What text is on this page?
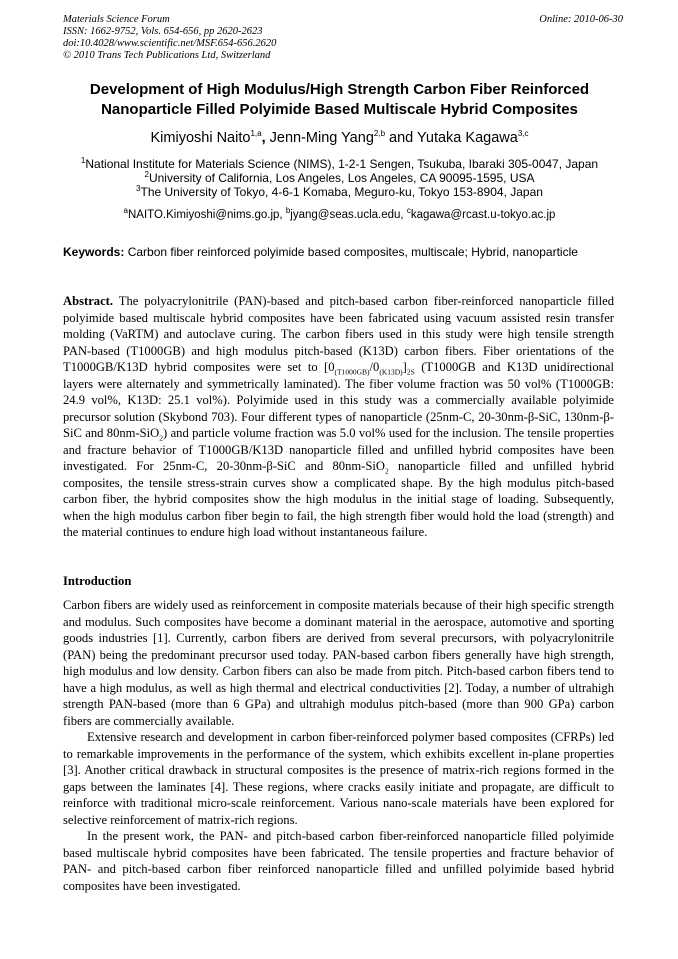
Materials Science Forum
ISSN: 1662-9752, Vols. 654-656, pp 2620-2623
doi:10.4028/www.scientific.net/MSF.654-656.2620
© 2010 Trans Tech Publications Ltd, Switzerland
Online: 2010-06-30
Development of High Modulus/High Strength Carbon Fiber Reinforced
Nanoparticle Filled Polyimide Based Multiscale Hybrid Composites
Kimiyoshi Naito$^{1,a}$, Jenn-Ming Yang$^{2,b}$ and Yutaka Kagawa$^{3,c}$
$^1$National Institute for Materials Science (NIMS), 1-2-1 Sengen, Tsukuba, Ibaraki 305-0047, Japan
$^2$University of California, Los Angeles, Los Angeles, CA 90095-1595, USA
$^3$The University of Tokyo, 4-6-1 Komaba, Meguro-ku, Tokyo 153-8904, Japan
$^a$NAITO.Kimiyoshi@nims.go.jp, $^b$jyang@seas.ucla.edu, $^c$kagawa@rcast.u-tokyo.ac.jp
Keywords: Carbon fiber reinforced polyimide based composites, multiscale; Hybrid, nanoparticle
Abstract. The polyacrylonitrile (PAN)-based and pitch-based carbon fiber-reinforced nanoparticle filled polyimide based multiscale hybrid composites have been fabricated using vacuum assisted resin transfer molding (VaRTM) and autoclave curing. The carbon fibers used in this study were high tensile strength PAN-based (T1000GB) and high modulus pitch-based (K13D) carbon fibers. Fiber orientations of the T1000GB/K13D hybrid composites were set to $[0_{(T1000GB)}/0_{(K13D)}]_{2S}$ (T1000GB and K13D unidirectional layers were alternately and symmetrically laminated). The fiber volume fraction was 50 vol% (T1000GB: 24.9 vol%, K13D: 25.1 vol%). Polyimide used in this study was a commercially available polyimide precursor solution (Skybond 703). Four different types of nanoparticle (25nm-C, 20-30nm-β-SiC, 130nm-β-SiC and 80nm-SiO$_2$) and particle volume fraction was 5.0 vol% used for the inclusion. The tensile properties and fracture behavior of T1000GB/K13D nanoparticle filled and unfilled hybrid composites have been investigated. For 25nm-C, 20-30nm-β-SiC and 80nm-SiO$_2$ nanoparticle filled and unfilled hybrid composites, the tensile stress-strain curves show a complicated shape. By the high modulus pitch-based carbon fiber, the hybrid composites show the high modulus in the initial stage of loading. Subsequently, when the high modulus carbon fiber begin to fail, the high strength fiber would hold the load (strength) and the material continues to endure high load without instantaneous failure.
Introduction

Carbon fibers are widely used as reinforcement in composite materials because of their high specific strength and modulus. Such composites have become a dominant material in the aerospace, automotive and sporting goods industries [1]. Currently, carbon fibers are derived from several precursors, with polyacrylonitrile (PAN) being the predominant precursor used today. PAN-based carbon fibers generally have high strength, high modulus and low density. Carbon fibers can also be made from pitch. Pitch-based carbon fibers tend to have a high modulus, as well as high thermal and electrical conductivities [2]. Today, a number of ultrahigh strength PAN-based (more than 6 GPa) and ultrahigh modulus pitch-based (more than 900 GPa) carbon fibers are commercially available.

Extensive research and development in carbon fiber-reinforced polymer based composites (CFRPs) led to remarkable improvements in the performance of the system, which exhibits excellent in-plane properties [3]. Another critical drawback in structural composites is the presence of matrix-rich regions formed in the gaps between the laminates [4]. These regions, where cracks easily initiate and propagate, are difficult to reinforce with traditional micro-scale reinforcement. Various nano-scale materials have been explored for selective reinforcement of matrix-rich regions.

In the present work, the PAN- and pitch-based carbon fiber-reinforced nanoparticle filled polyimide based multiscale hybrid composites have been fabricated. The tensile properties and fracture behavior of PAN- and pitch-based carbon fiber reinforced nanoparticle filled and unfilled polyimide based hybrid composites have been investigated.
